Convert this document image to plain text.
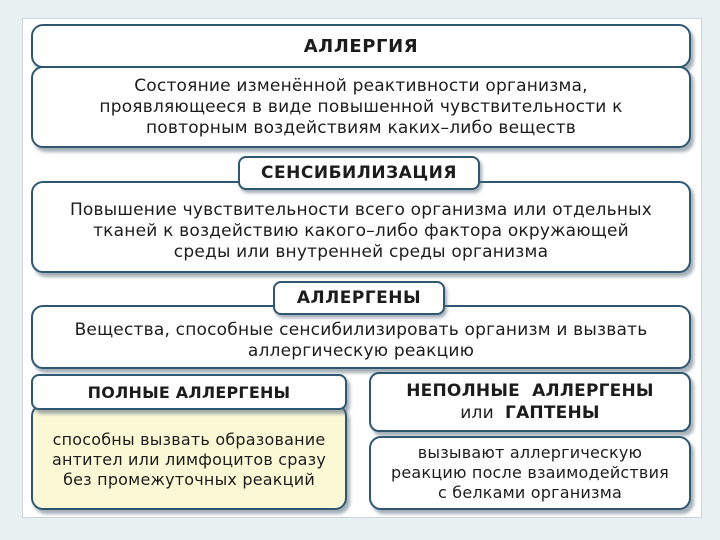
АЛЛЕРГИЯ
Состояние изменённой реактивности организма, проявляющееся в виде повышенной чувствительности к повторным воздействиям каких–либо веществ
СЕНСИБИЛИЗАЦИЯ
Повышение чувствительности всего организма или отдельных тканей к воздействию какого–либо фактора окружающей среды или внутренней среды организма
АЛЛЕРГЕНЫ
Вещества, способные сенсибилизировать организм и вызвать аллергическую реакцию
ПОЛНЫЕ АЛЛЕРГЕНЫ
способны вызвать образование антител или лимфоцитов сразу без промежуточных реакций
НЕПОЛНЫЕ  АЛЛЕРГЕНЫ
или ГАПТЕНЫ
вызывают аллергическую реакцию после взаимодействия с белками организма
